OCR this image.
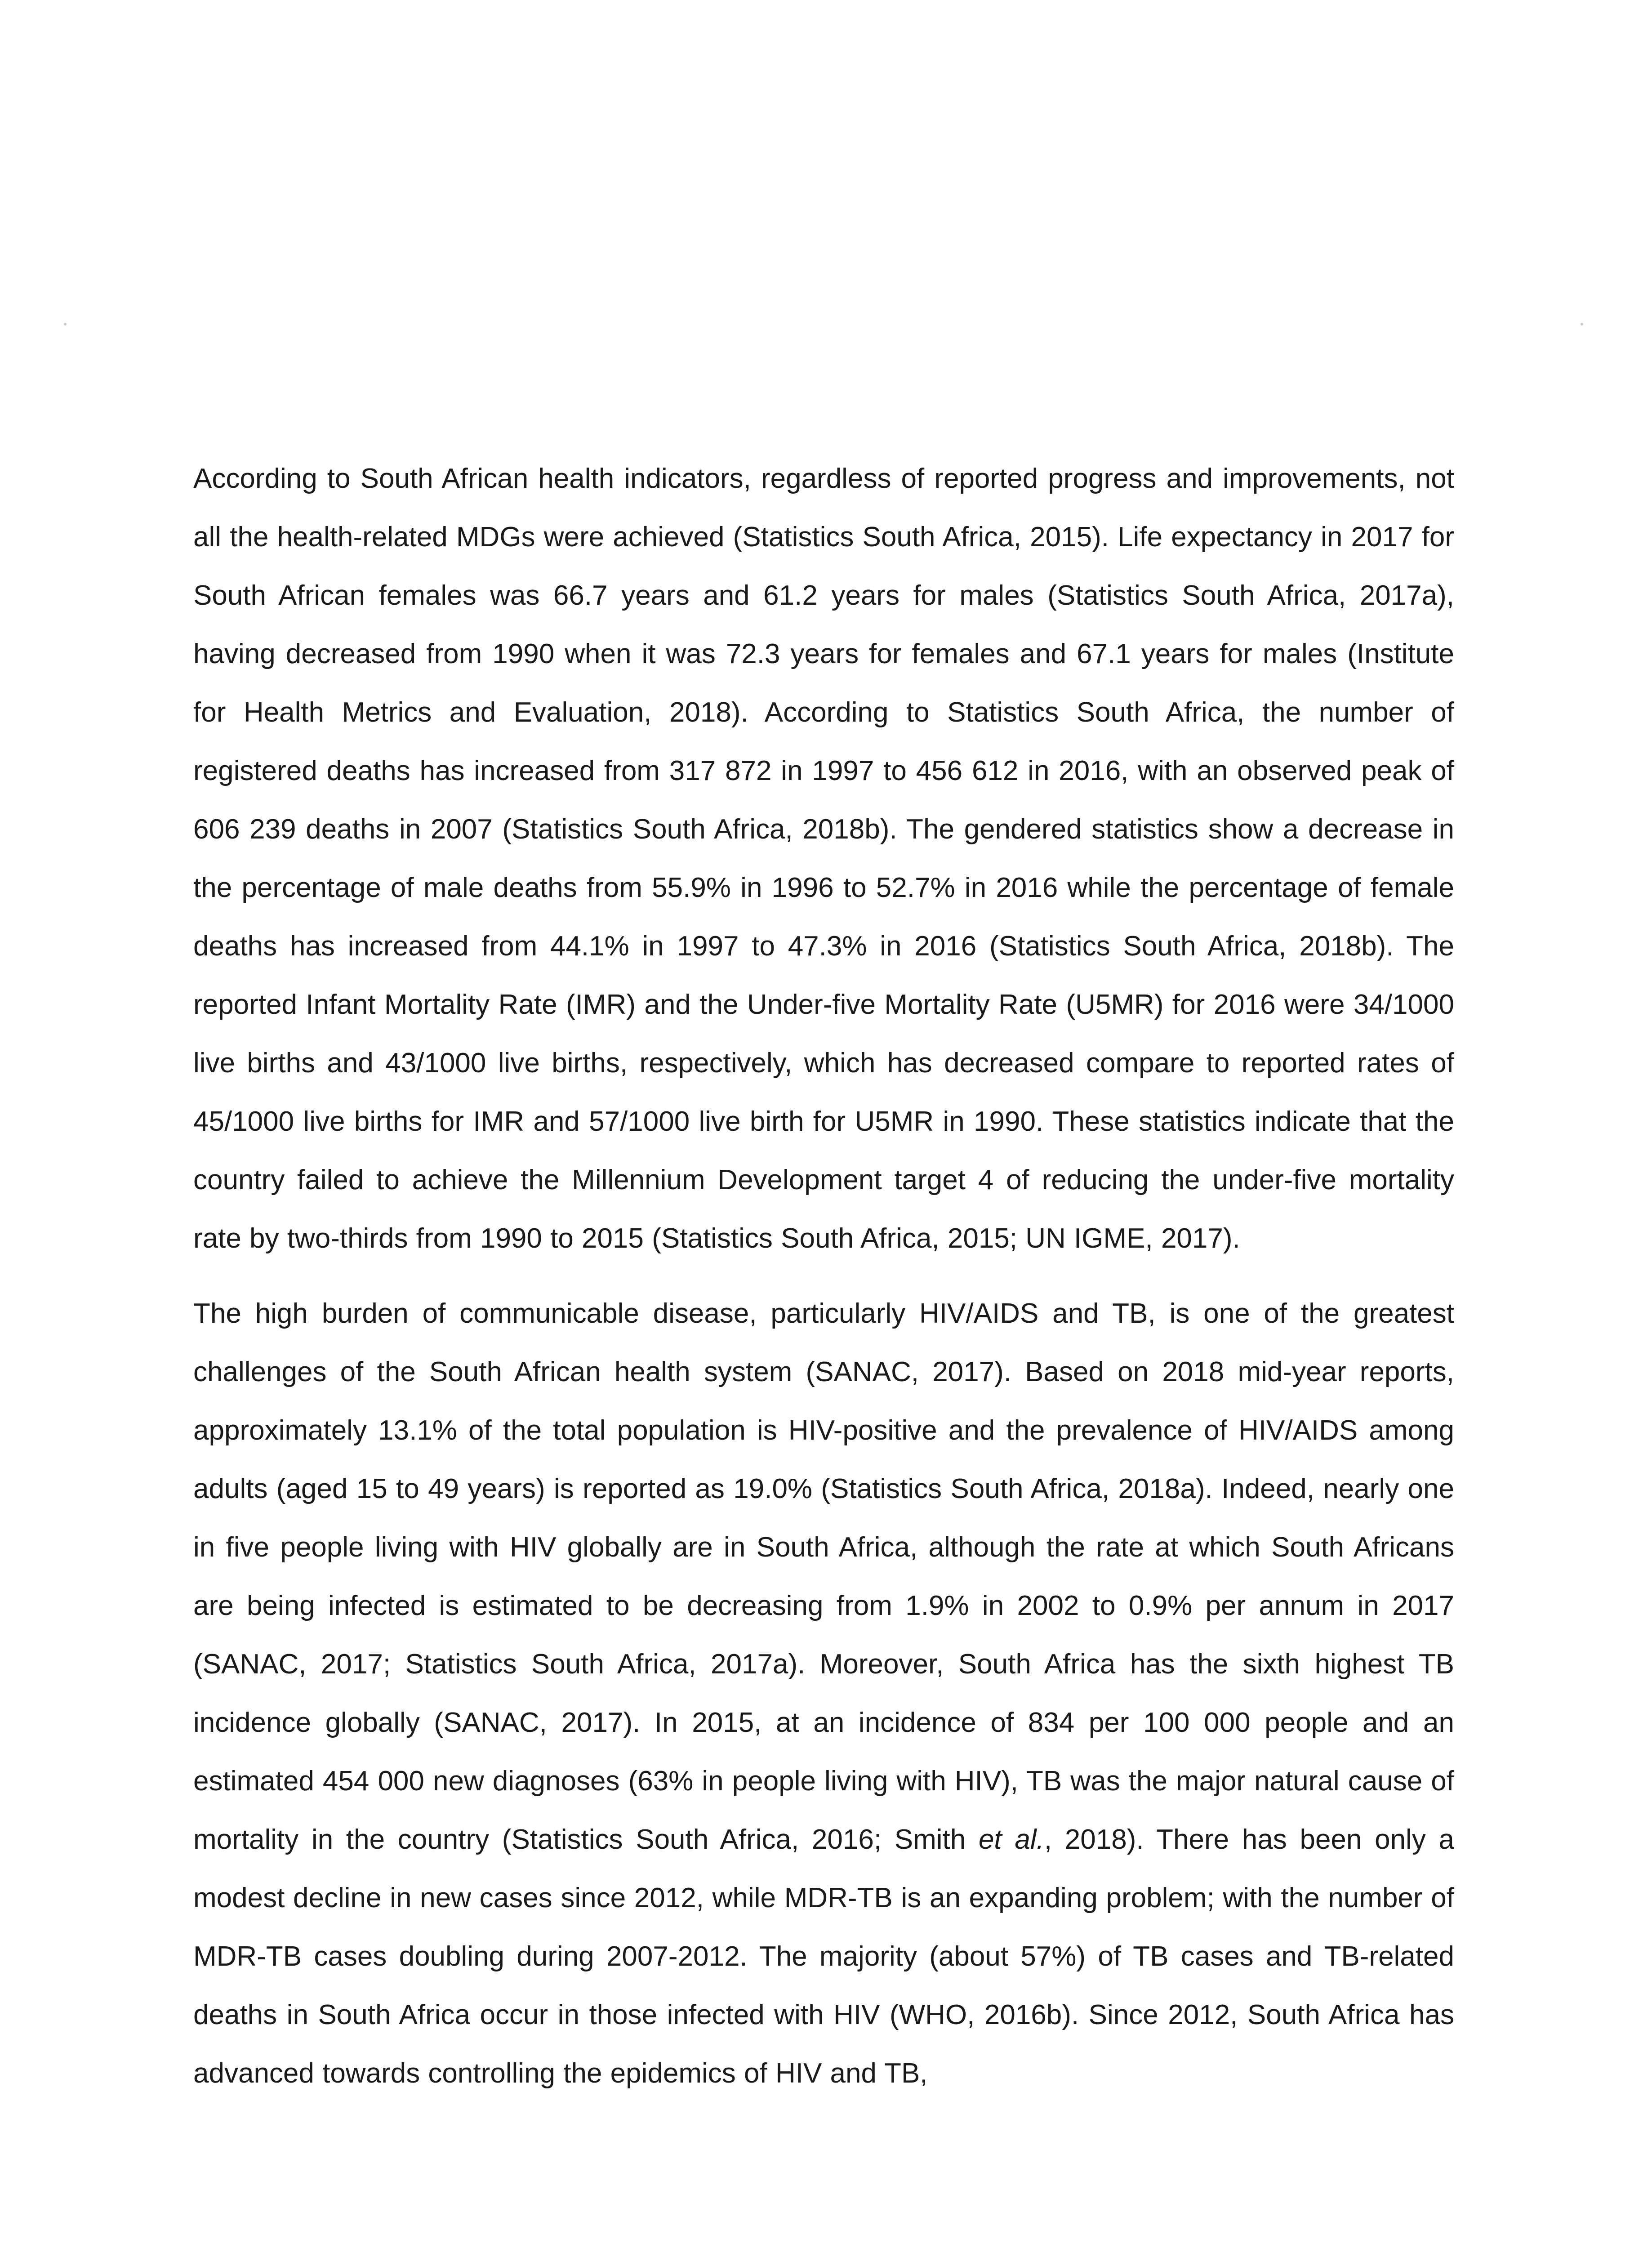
According to South African health indicators, regardless of reported progress and improvements, not all the health-related MDGs were achieved (Statistics South Africa, 2015). Life expectancy in 2017 for South African females was 66.7 years and 61.2 years for males (Statistics South Africa, 2017a), having decreased from 1990 when it was 72.3 years for females and 67.1 years for males (Institute for Health Metrics and Evaluation, 2018). According to Statistics South Africa, the number of registered deaths has increased from 317 872 in 1997 to 456 612 in 2016, with an observed peak of 606 239 deaths in 2007 (Statistics South Africa, 2018b). The gendered statistics show a decrease in the percentage of male deaths from 55.9% in 1996 to 52.7% in 2016 while the percentage of female deaths has increased from 44.1% in 1997 to 47.3% in 2016 (Statistics South Africa, 2018b). The reported Infant Mortality Rate (IMR) and the Under-five Mortality Rate (U5MR) for 2016 were 34/1000 live births and 43/1000 live births, respectively, which has decreased compare to reported rates of 45/1000 live births for IMR and 57/1000 live birth for U5MR in 1990. These statistics indicate that the country failed to achieve the Millennium Development target 4 of reducing the under-five mortality rate by two-thirds from 1990 to 2015 (Statistics South Africa, 2015; UN IGME, 2017).

The high burden of communicable disease, particularly HIV/AIDS and TB, is one of the greatest challenges of the South African health system (SANAC, 2017). Based on 2018 mid-year reports, approximately 13.1% of the total population is HIV-positive and the prevalence of HIV/AIDS among adults (aged 15 to 49 years) is reported as 19.0% (Statistics South Africa, 2018a). Indeed, nearly one in five people living with HIV globally are in South Africa, although the rate at which South Africans are being infected is estimated to be decreasing from 1.9% in 2002 to 0.9% per annum in 2017 (SANAC, 2017; Statistics South Africa, 2017a). Moreover, South Africa has the sixth highest TB incidence globally (SANAC, 2017). In 2015, at an incidence of 834 per 100 000 people and an estimated 454 000 new diagnoses (63% in people living with HIV), TB was the major natural cause of mortality in the country (Statistics South Africa, 2016; Smith et al., 2018). There has been only a modest decline in new cases since 2012, while MDR-TB is an expanding problem; with the number of MDR-TB cases doubling during 2007-2012. The majority (about 57%) of TB cases and TB-related deaths in South Africa occur in those infected with HIV (WHO, 2016b). Since 2012, South Africa has advanced towards controlling the epidemics of HIV and TB,
